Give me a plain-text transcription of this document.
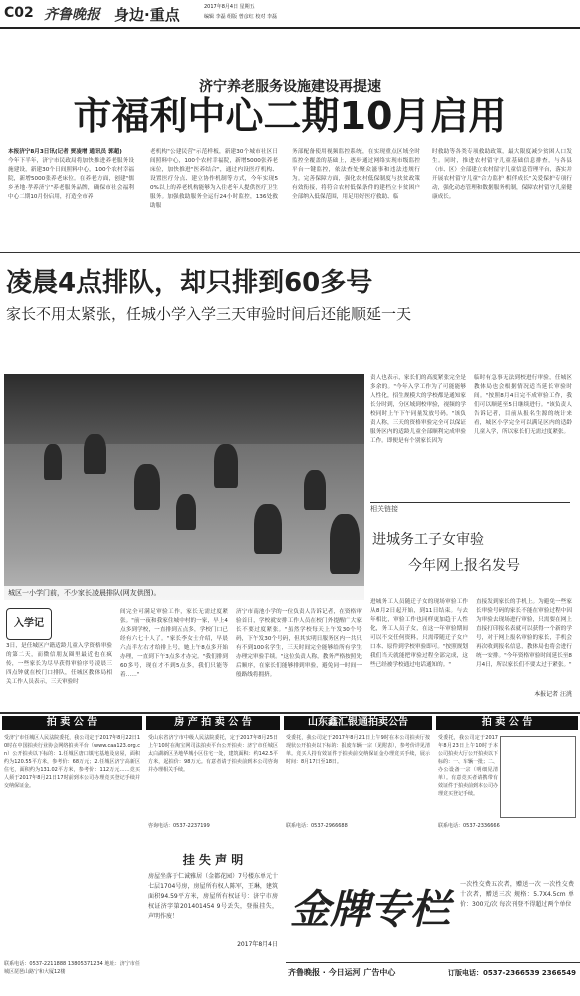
C02 齐鲁晚报 身边·重点	2017年8月4日 星期五
编辑 李磊 组版 曾彦红 校对 李磊
济宁养老服务设施建设再提速
市福利中心二期10月启用
本报济宁8月3日讯(记者 贾凌增 通讯员 郭超)
今年下半年，济宁市民政局将加快推进养老服务设施建设，新建30个日间照料中心，100个农村幸福院，新增5000张养老床位。在养老方面，创建"儒乡圣地·孝养济宁"养老服务品牌，确保市社会福利中心二期10月份启用，打造全市养
老机构"公建民营"示范样板，新建30个城市社区日间照料中心，100个农村幸福院，新增5000张养老床位，加快推进"医养结合"，通过内设医疗机构、设置医疗分点、建立协作机制等方式，今年实现50%以上的养老机构能够为入住老年人提供医疗卫生服务。加强救助服务全运行24小时监控，136处救助服
务部配备使用视频监控系统，在实现重点区域全时监控全覆盖的基础上，逐步通过网络实现市级监控平台一键监控，依法查处聚众滋事和违法违规行为。完善保障方面，强化农村低保制度与扶贫政策有效衔接，将符合农村低保条件的建档立卡贫困户全部纳入低保范围，用足用好医疗救助、临
时救助等各类专项救助政策，最大限度减少贫困人口发生。同时，推进农村留守儿童基础信息排查，与各县（市、区）全部建立农村留守儿童信息管理平台，落实并开展农村留守儿童"合力监护 相伴成长"关爱保护专项行动，强化动态管理和数据服务机制，保障农村留守儿童健康成长。
凌晨4点排队，却只排到60多号
家长不用太紧张，任城小学入学三天审验时间后还能顺延一天
城区一小学门前，不少家长凌晨排队(网友供图)。
责人也表示，家长们的高度紧张完全是多余的。"今年入学工作为了可能能够人性化，招生规模大的学校都是通知家长分时到，分区域到校审验，视频的学校同时上午下午同量发放号码。"该负责人称，三天的资格审验完全可以保证服务区内的适龄儿童全部顺利完成审验工作。即便是有个别家长因为
临时有急事无法到校进行审验，任城区教体局也会根据情况适当延长审验时间。"按照8月4日完不成审验工作，我们可以顺延至5日继续进行。"该负责人告诉记者，目前从报名生源的统计来看，城区小学完全可以满足区内的适龄儿童入学，所以家长们无需过度紧张。
相关链接
进城务工子女审验
今年网上报名发号
进城务工人员随迁子女的现场审验工作从8月2日起开始，到11日结束。与去年相比，审验工作也同样更加趋于人性化，务工人员子女，在这一年审验期间可以不交任何资料，只需带随迁子女户口本、原件到学校审验即可。"按照规划我们当天就能把审验过程全部完成，这些已经被学校通过电话通知的。"
直接发到家长的手机上。为避免一些家长审验号码的家长不能在审验过程中因为审验去现场进行审验，只需要在网上直接打印报名表就可以获得一个新的学号，对于网上报名审验的家长，手机会再次收到报名信息，教体局也将会进行统一安排。"今年资格审验时间延长至8月4日，所以家长们不要太过于紧张。"
本报记者 汪洮
入学记
3日，是任城区户籍适龄儿童入学资格审验的第二天，而微信朋友圈里最近也在疯传，一些家长为尽早获得审验序号凌晨三四点钟就在校门口排队，任城区教体局相关工作人员表示，三天审验时
间完全可满足审验工作，家长无需过度紧张。"前一夜和我家住城中村的一家，早上4点多到学校，一直排到五点多，学校门口已经有六七十人了。"家长李女士介绍，早晨六点半左右才给排上号，她上午8点多开始办理，一直到下午3点多才办完。"我们排到60多号，现在才不到5点多，我们只能等着……"
济宁市南池小学的一位负责人告诉记者，在资格审验首日，学校就安排工作人员在校门外提醒广大家长不要过度紧张。"虽然学校每天上午发30个号码，下午发30个号码，但其实明日服务区内一共只有不到100名学生，三天时间完全能够给所有学生办理完审验手续。"这位负责人称，教务严格按照先后顺序，在家长们能够排到审验，避免同一时间一般路线将拥挤。
拍 卖 公 告	房 产 拍 卖 公 告	山东鑫汇银通拍卖公告	拍 卖 公 告
受济宁市任城区人民法院委托，我公司定于2017年8月22日10时在中国拍卖行业协会网络拍卖平台（www.caa123.org.cn）公开拍卖以下标的：1.任城区唐口镇宅基地及房屋，面积约为120.55平方米，参考价：68万元；2.任城区济宁高新区住宅，面积约为131.02平方米，参考价：112万元……竞买人须于2017年8月21日17时前到本公司办理竞买登记手续并交纳保证金。
联系电话：0537-2211888 13805371234 地址：济宁市任城区琵琶山路宁和大厦12楼
受山东省济宁市中级人民法院委托，定于2017年8月25日上午10时在淘宝网司法拍卖平台公开拍卖：济宁市任城区太白湖新区圣地华城小区住宅一处，建筑面积：约142.5平方米，起拍价：98万元。有意者请于拍卖前到本公司咨询并办理相关手续。
咨询电话：0537-2237199
受委托，我公司定于2017年8月21日上午9时在本公司拍卖厅按现状公开拍卖以下标的：报废车辆一宗（见附表），参考价详见清单。竞买人持有效证件于拍卖前交纳保证金办理竞买手续，展示时间：8月17日至18日。
联系电话：0537-2966688
受委托，我公司定于2017年8月23日上午10时于本公司拍卖大厅公开拍卖以下标的：一、车辆一批；二、办公设备一宗（明细见清单）。有意竞买者请携带有效证件于拍卖前到本公司办理竞买登记手续。
联系电话：0537-2336666
挂 失 声 明
房屋坐落于仁诚雅居（金都花园）7号楼东单元十七层1704号房，房屋所有权人陈军，王琳，建筑面积94.59平方米，房屋所有权证号：济宁市房权证济字第201401454 9号丢失，登报挂失，声明作废！
2017年8月4日
金牌专栏
一次性交费五次者，赠送一次 一次性交费十次者，赠送三次 规格：5.7X4.5cm 单价：300元/次 每次刊登不得超过两个单位
齐鲁晚报 · 今日运河 广告中心	订版电话：0537-2366539 2366549
